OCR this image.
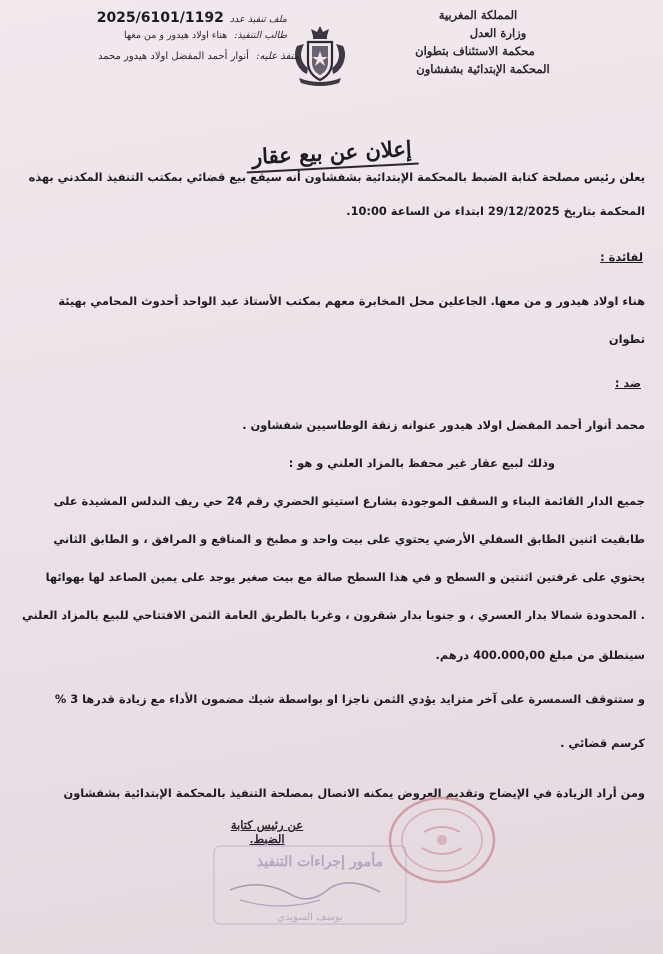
المملكة المغربية
وزارة العدل
محكمة الاستئناف بتطوان
المحكمة الإبتدائية بشفشاون
ملف تنفيذ عدد
2025/6101/1192
طالب التنفيذ: هناء اولاد هيدور و من معها
منفذ عليه: أنوار أحمد المفضل اولاد هيدور محمد
إعلان عن بيع عقار

يعلن رئيس مصلحة كتابة الضبط بالمحكمة الإبتدائية بشفشاون أنه سيقع بيع قضائي بمكتب التنفيذ المكدني بهذه

المحكمة بتاريخ 29/12/2025 ابتداء من الساعة 10:00.

لفائدة :

هناء اولاد هيدور و من معها. الجاعلين محل المخابرة معهم بمكتب الأستاذ عبد الواحد أحدوث المحامي بهيئة

تطوان

ضد :

محمد أنوار أحمد المفضل اولاد هيدور عنوانه زنقة الوطاسيين شفشاون .

وذلك لبيع عقار غير محفظ بالمزاد العلني و هو :

جميع الدار القائمة البناء و السقف الموجودة بشارع استيتو الحضري رقم 24 حي ريف الندلس المشيدة على

طابقيت اثنين الطابق السفلي الأرضي يحتوي على بيت واحد و مطبخ و المنافع و المرافق ، و الطابق الثاني

يحتوي على غرفتين اثنتين و السطح و في هذا السطح صالة مع بيت صغير يوجد على يمين الصاعد لها بهوائها

. المحدودة شمالا بدار العسري ، و جنوبا بدار شقرون ، وغربا بالطريق العامة الثمن الافتتاحي للبيع بالمزاد العلني

سينطلق من مبلغ 400.000,00 درهم.

و ستتوقف السمسرة على آخر متزايد يؤدي الثمن ناجزا او بواسطة شيك مضمون الأداء مع زيادة قدرها 3 %

كرسم قضائي .

ومن أراد الزيادة في الإيضاح وتقديم العروض يمكنه الاتصال بمصلحة التنفيذ بالمحكمة الإبتدائية بشفشاون

عن رئيس كتابة الضبط.
مأمور إجراءات التنفيذ
يوسف السويدي
